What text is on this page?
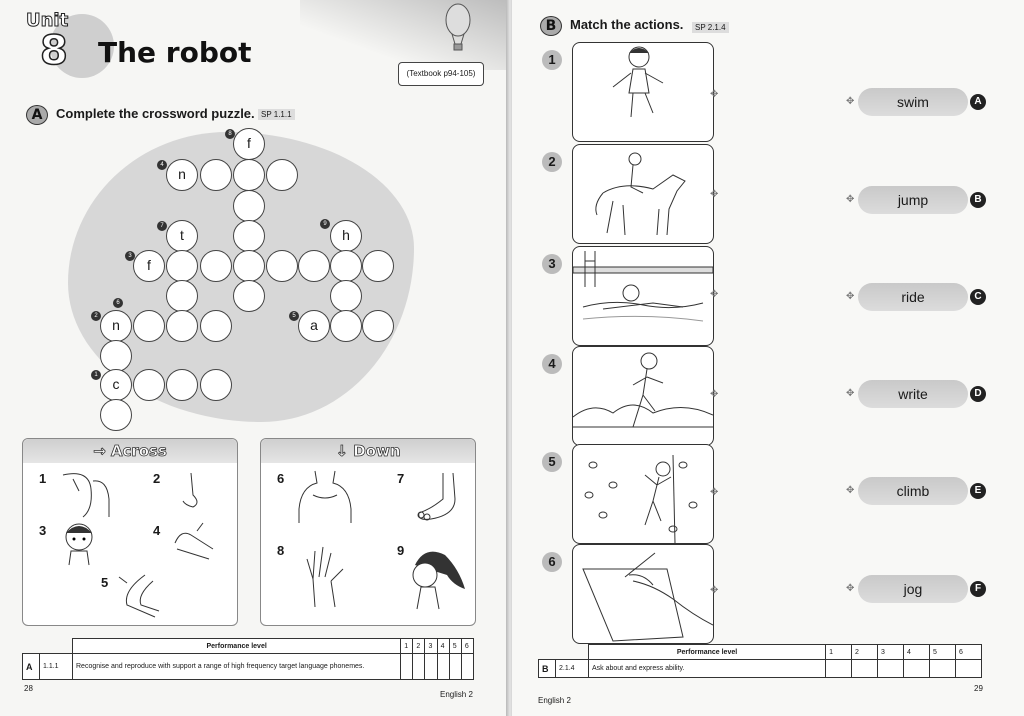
Unit
8 The robot
(Textbook p94-105)
A	Complete the crossword puzzle. SP 1.1.1
f
n
t	h
f
n	a
c
8
4
7	9
3
6
2	5
1
→ Across
1	2
3	4
5
↓ Down
6	7
8	9
		Performance level	1	2	3	4	5	6
A	1.1.1	Recognise and reproduce with support a range of high frequency target language phonemes.						
28
English 2
B	Match the actions.	SP 2.1.4
1
✥
2
✥
3
✥
4
✥
5
✥
6
✥
✥	swim	A
✥	jump	B
✥	ride	C
✥	write	D
✥	climb	E
✥	jog	F
		Performance level	1	2	3	4	5	6
B	2.1.4	Ask about and express ability.						
29
English 2
